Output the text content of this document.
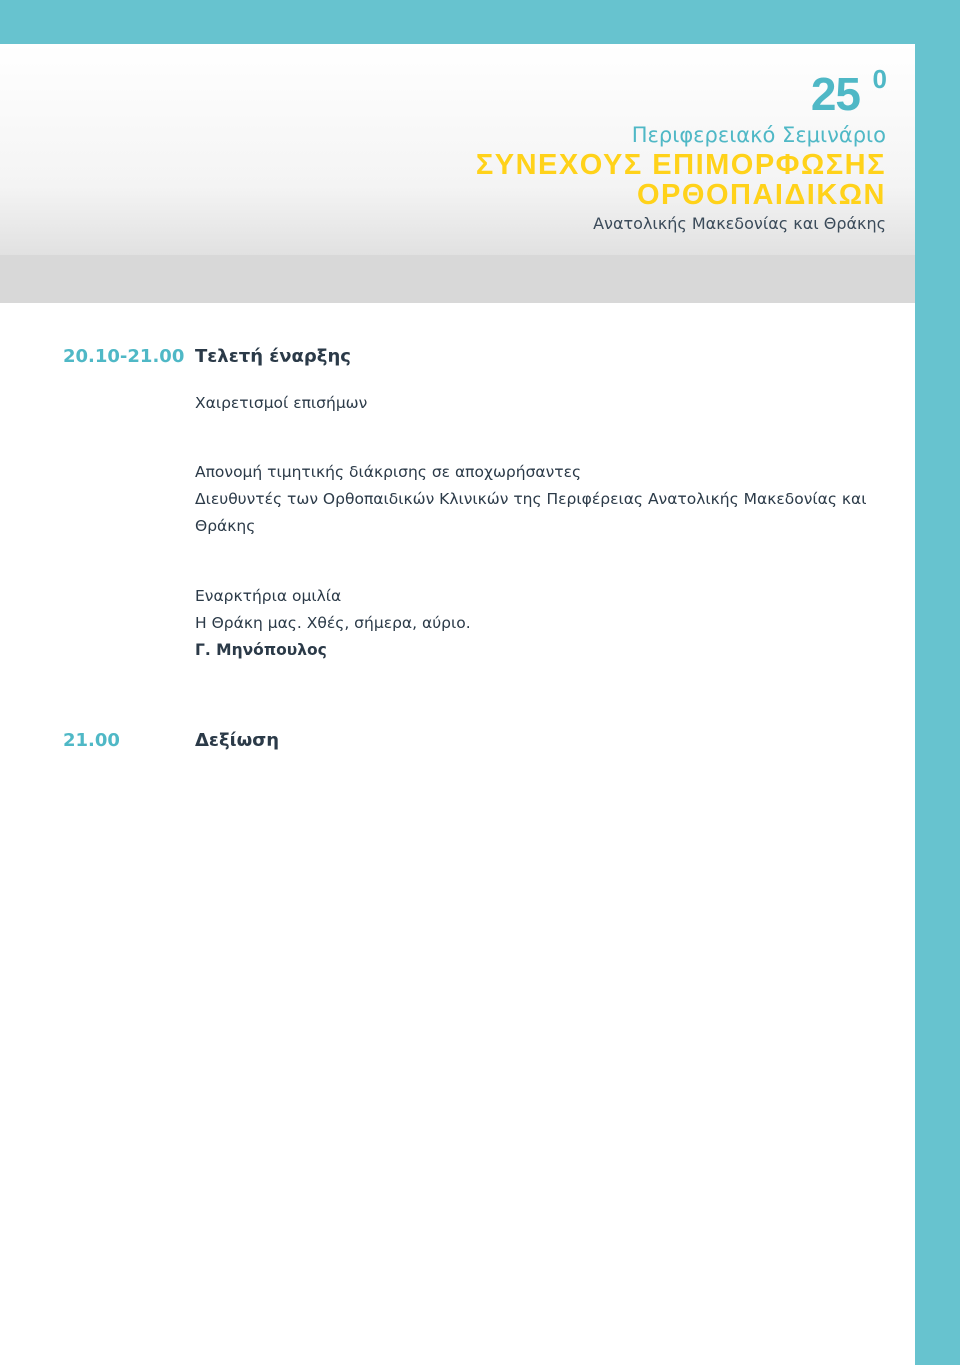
25 0
Περιφερειακό Σεμινάριο
ΣΥΝΕΧΟΥΣ ΕΠΙΜΟΡΦΩΣΗΣ
ΟΡΘΟΠΑΙΔΙΚΩΝ
Ανατολικής Μακεδονίας και Θράκης
20.10-21.00 Τελετή έναρξης
Χαιρετισμοί επισήμων
Απονομή τιμητικής διάκρισης σε αποχωρήσαντες
Διευθυντές των Ορθοπαιδικών Κλινικών της Περιφέρειας Ανατολικής Μακεδονίας και
Θράκης
Εναρκτήρια ομιλία
Η Θράκη μας. Χθές, σήμερα, αύριο.
Γ. Μηνόπουλος
21.00	Δεξίωση
